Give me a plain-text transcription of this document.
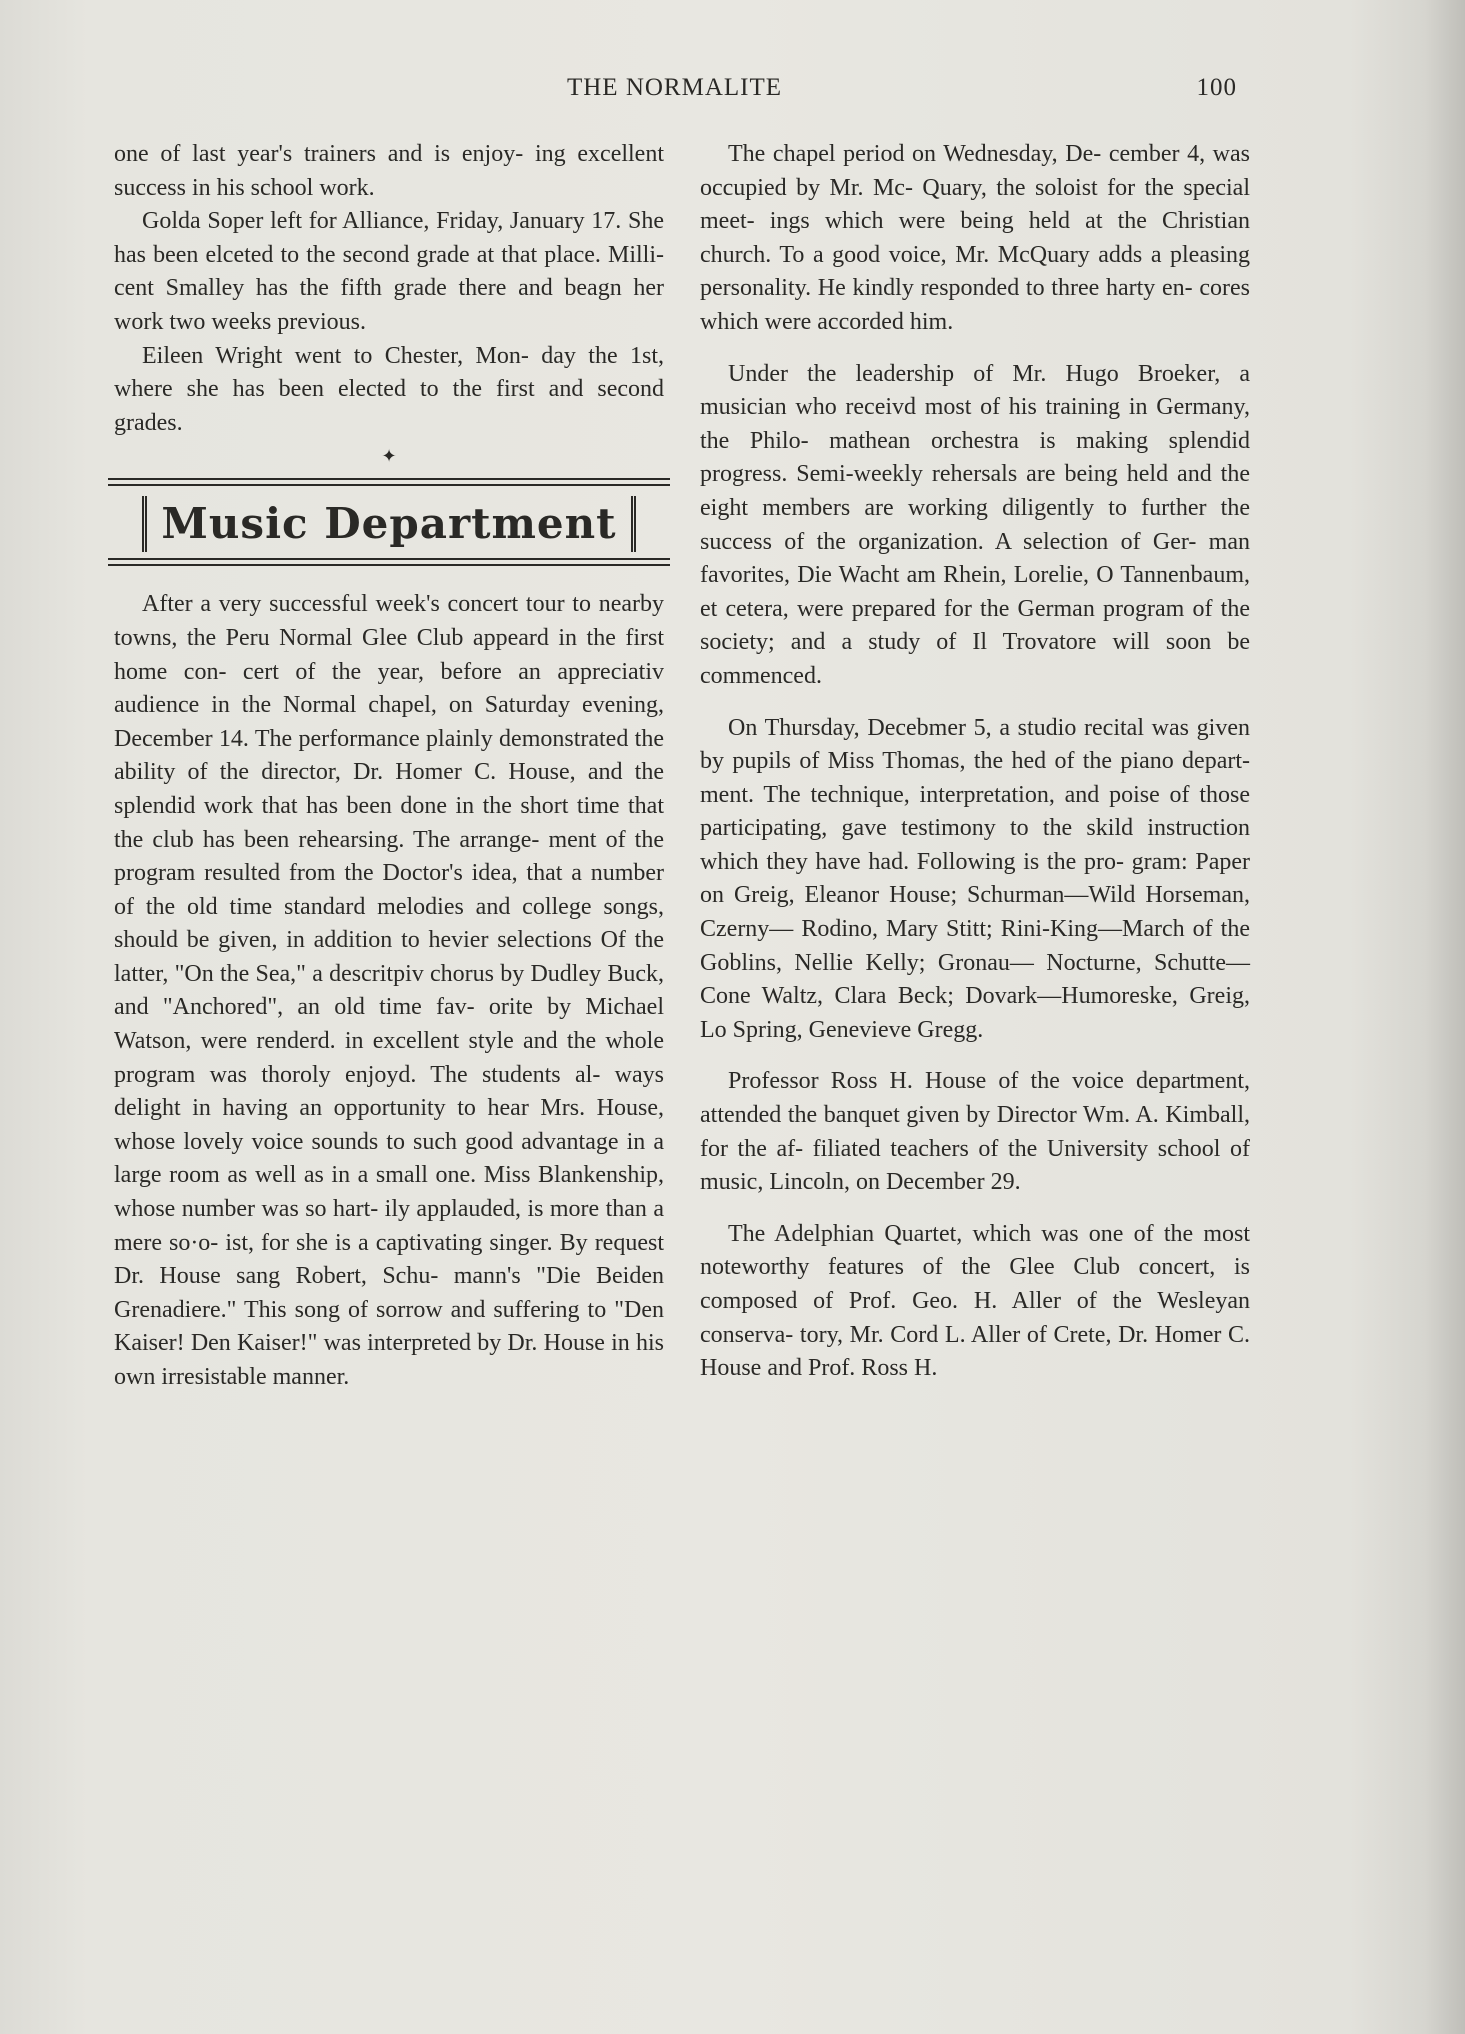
THE NORMALITE	100

one of last year's trainers and is enjoy- ing excellent success in his school work.

Golda Soper left for Alliance, Friday, January 17. She has been elceted to the second grade at that place. Milli- cent Smalley has the fifth grade there and beagn her work two weeks previous.

Eileen Wright went to Chester, Mon- day the 1st, where she has been elected to the first and second grades.

✦
Music Department

After a very successful week's concert tour to nearby towns, the Peru Normal Glee Club appeard in the first home con- cert of the year, before an appreciativ audience in the Normal chapel, on Saturday evening, December 14. The performance plainly demonstrated the ability of the director, Dr. Homer C. House, and the splendid work that has been done in the short time that the club has been rehearsing. The arrange- ment of the program resulted from the Doctor's idea, that a number of the old time standard melodies and college songs, should be given, in addition to hevier selections Of the latter, "On the Sea," a descritpiv chorus by Dudley Buck, and "Anchored", an old time fav- orite by Michael Watson, were renderd. in excellent style and the whole program was thoroly enjoyd. The students al- ways delight in having an opportunity to hear Mrs. House, whose lovely voice sounds to such good advantage in a large room as well as in a small one. Miss Blankenship, whose number was so hart- ily applauded, is more than a mere so·o- ist, for she is a captivating singer. By request Dr. House sang Robert, Schu- mann's "Die Beiden Grenadiere." This song of sorrow and suffering to "Den Kaiser! Den Kaiser!" was interpreted by Dr. House in his own irresistable manner.

The chapel period on Wednesday, De- cember 4, was occupied by Mr. Mc- Quary, the soloist for the special meet- ings which were being held at the Christian church. To a good voice, Mr. McQuary adds a pleasing personality. He kindly responded to three harty en- cores which were accorded him.

Under the leadership of Mr. Hugo Broeker, a musician who receivd most of his training in Germany, the Philo- mathean orchestra is making splendid progress. Semi-weekly rehersals are being held and the eight members are working diligently to further the success of the organization. A selection of Ger- man favorites, Die Wacht am Rhein, Lorelie, O Tannenbaum, et cetera, were prepared for the German program of the society; and a study of Il Trovatore will soon be commenced.

On Thursday, Decebmer 5, a studio recital was given by pupils of Miss Thomas, the hed of the piano depart- ment. The technique, interpretation, and poise of those participating, gave testimony to the skild instruction which they have had. Following is the pro- gram: Paper on Greig, Eleanor House; Schurman—Wild Horseman, Czerny— Rodino, Mary Stitt; Rini-King—March of the Goblins, Nellie Kelly; Gronau— Nocturne, Schutte—Cone Waltz, Clara Beck; Dovark—Humoreske, Greig, Lo Spring, Genevieve Gregg.

Professor Ross H. House of the voice department, attended the banquet given by Director Wm. A. Kimball, for the af- filiated teachers of the University school of music, Lincoln, on December 29.

The Adelphian Quartet, which was one of the most noteworthy features of the Glee Club concert, is composed of Prof. Geo. H. Aller of the Wesleyan conserva- tory, Mr. Cord L. Aller of Crete, Dr. Homer C. House and Prof. Ross H.
